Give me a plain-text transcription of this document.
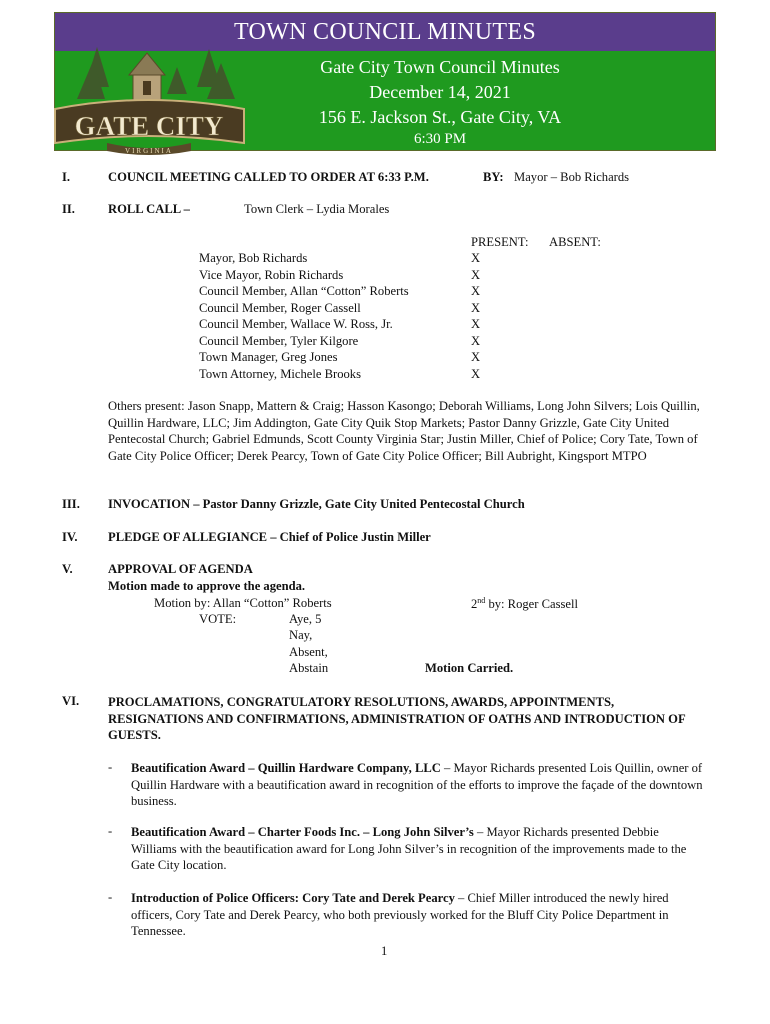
TOWN COUNCIL MINUTES
Gate City Town Council Minutes
December 14, 2021
156 E. Jackson St., Gate City, VA
6:30 PM
GATE CITY
VIRGINIA
I.	COUNCIL MEETING CALLED TO ORDER AT 6:33 P.M.	BY: Mayor – Bob Richards
II.	ROLL CALL –	Town Clerk – Lydia Morales
PRESENT: ABSENT:
Mayor, Bob Richards	X
Vice Mayor, Robin Richards	X
Council Member, Allan “Cotton” Roberts	X
Council Member, Roger Cassell	X
Council Member, Wallace W. Ross, Jr.	X
Council Member, Tyler Kilgore	X
Town Manager, Greg Jones	X
Town Attorney, Michele Brooks	X
Others present: Jason Snapp, Mattern & Craig; Hasson Kasongo; Deborah Williams, Long John Silvers; Lois Quillin, Quillin Hardware, LLC; Jim Addington, Gate City Quik Stop Markets; Pastor Danny Grizzle, Gate City United Pentecostal Church; Gabriel Edmunds, Scott County Virginia Star; Justin Miller, Chief of Police; Cory Tate, Town of Gate City Police Officer; Derek Pearcy, Town of Gate City Police Officer; Bill Aubright, Kingsport MTPO
III. INVOCATION – Pastor Danny Grizzle, Gate City United Pentecostal Church
IV. PLEDGE OF ALLEGIANCE – Chief of Police Justin Miller
V.	APPROVAL OF AGENDA
Motion made to approve the agenda.
Motion by: Allan “Cotton” Roberts	2nd by: Roger Cassell
VOTE:	Aye, 5
Nay,
Absent,
Abstain	Motion Carried.
VI. PROCLAMATIONS, CONGRATULATORY RESOLUTIONS, AWARDS, APPOINTMENTS, RESIGNATIONS AND CONFIRMATIONS, ADMINISTRATION OF OATHS AND INTRODUCTION OF GUESTS.
- Beautification Award – Quillin Hardware Company, LLC – Mayor Richards presented Lois Quillin, owner of Quillin Hardware with a beautification award in recognition of the efforts to improve the façade of the downtown business.
- Beautification Award – Charter Foods Inc. – Long John Silver’s – Mayor Richards presented Debbie Williams with the beautification award for Long John Silver’s in recognition of the improvements made to the Gate City location.
- Introduction of Police Officers: Cory Tate and Derek Pearcy – Chief Miller introduced the newly hired officers, Cory Tate and Derek Pearcy, who both previously worked for the Bluff City Police Department in Tennessee.
1
